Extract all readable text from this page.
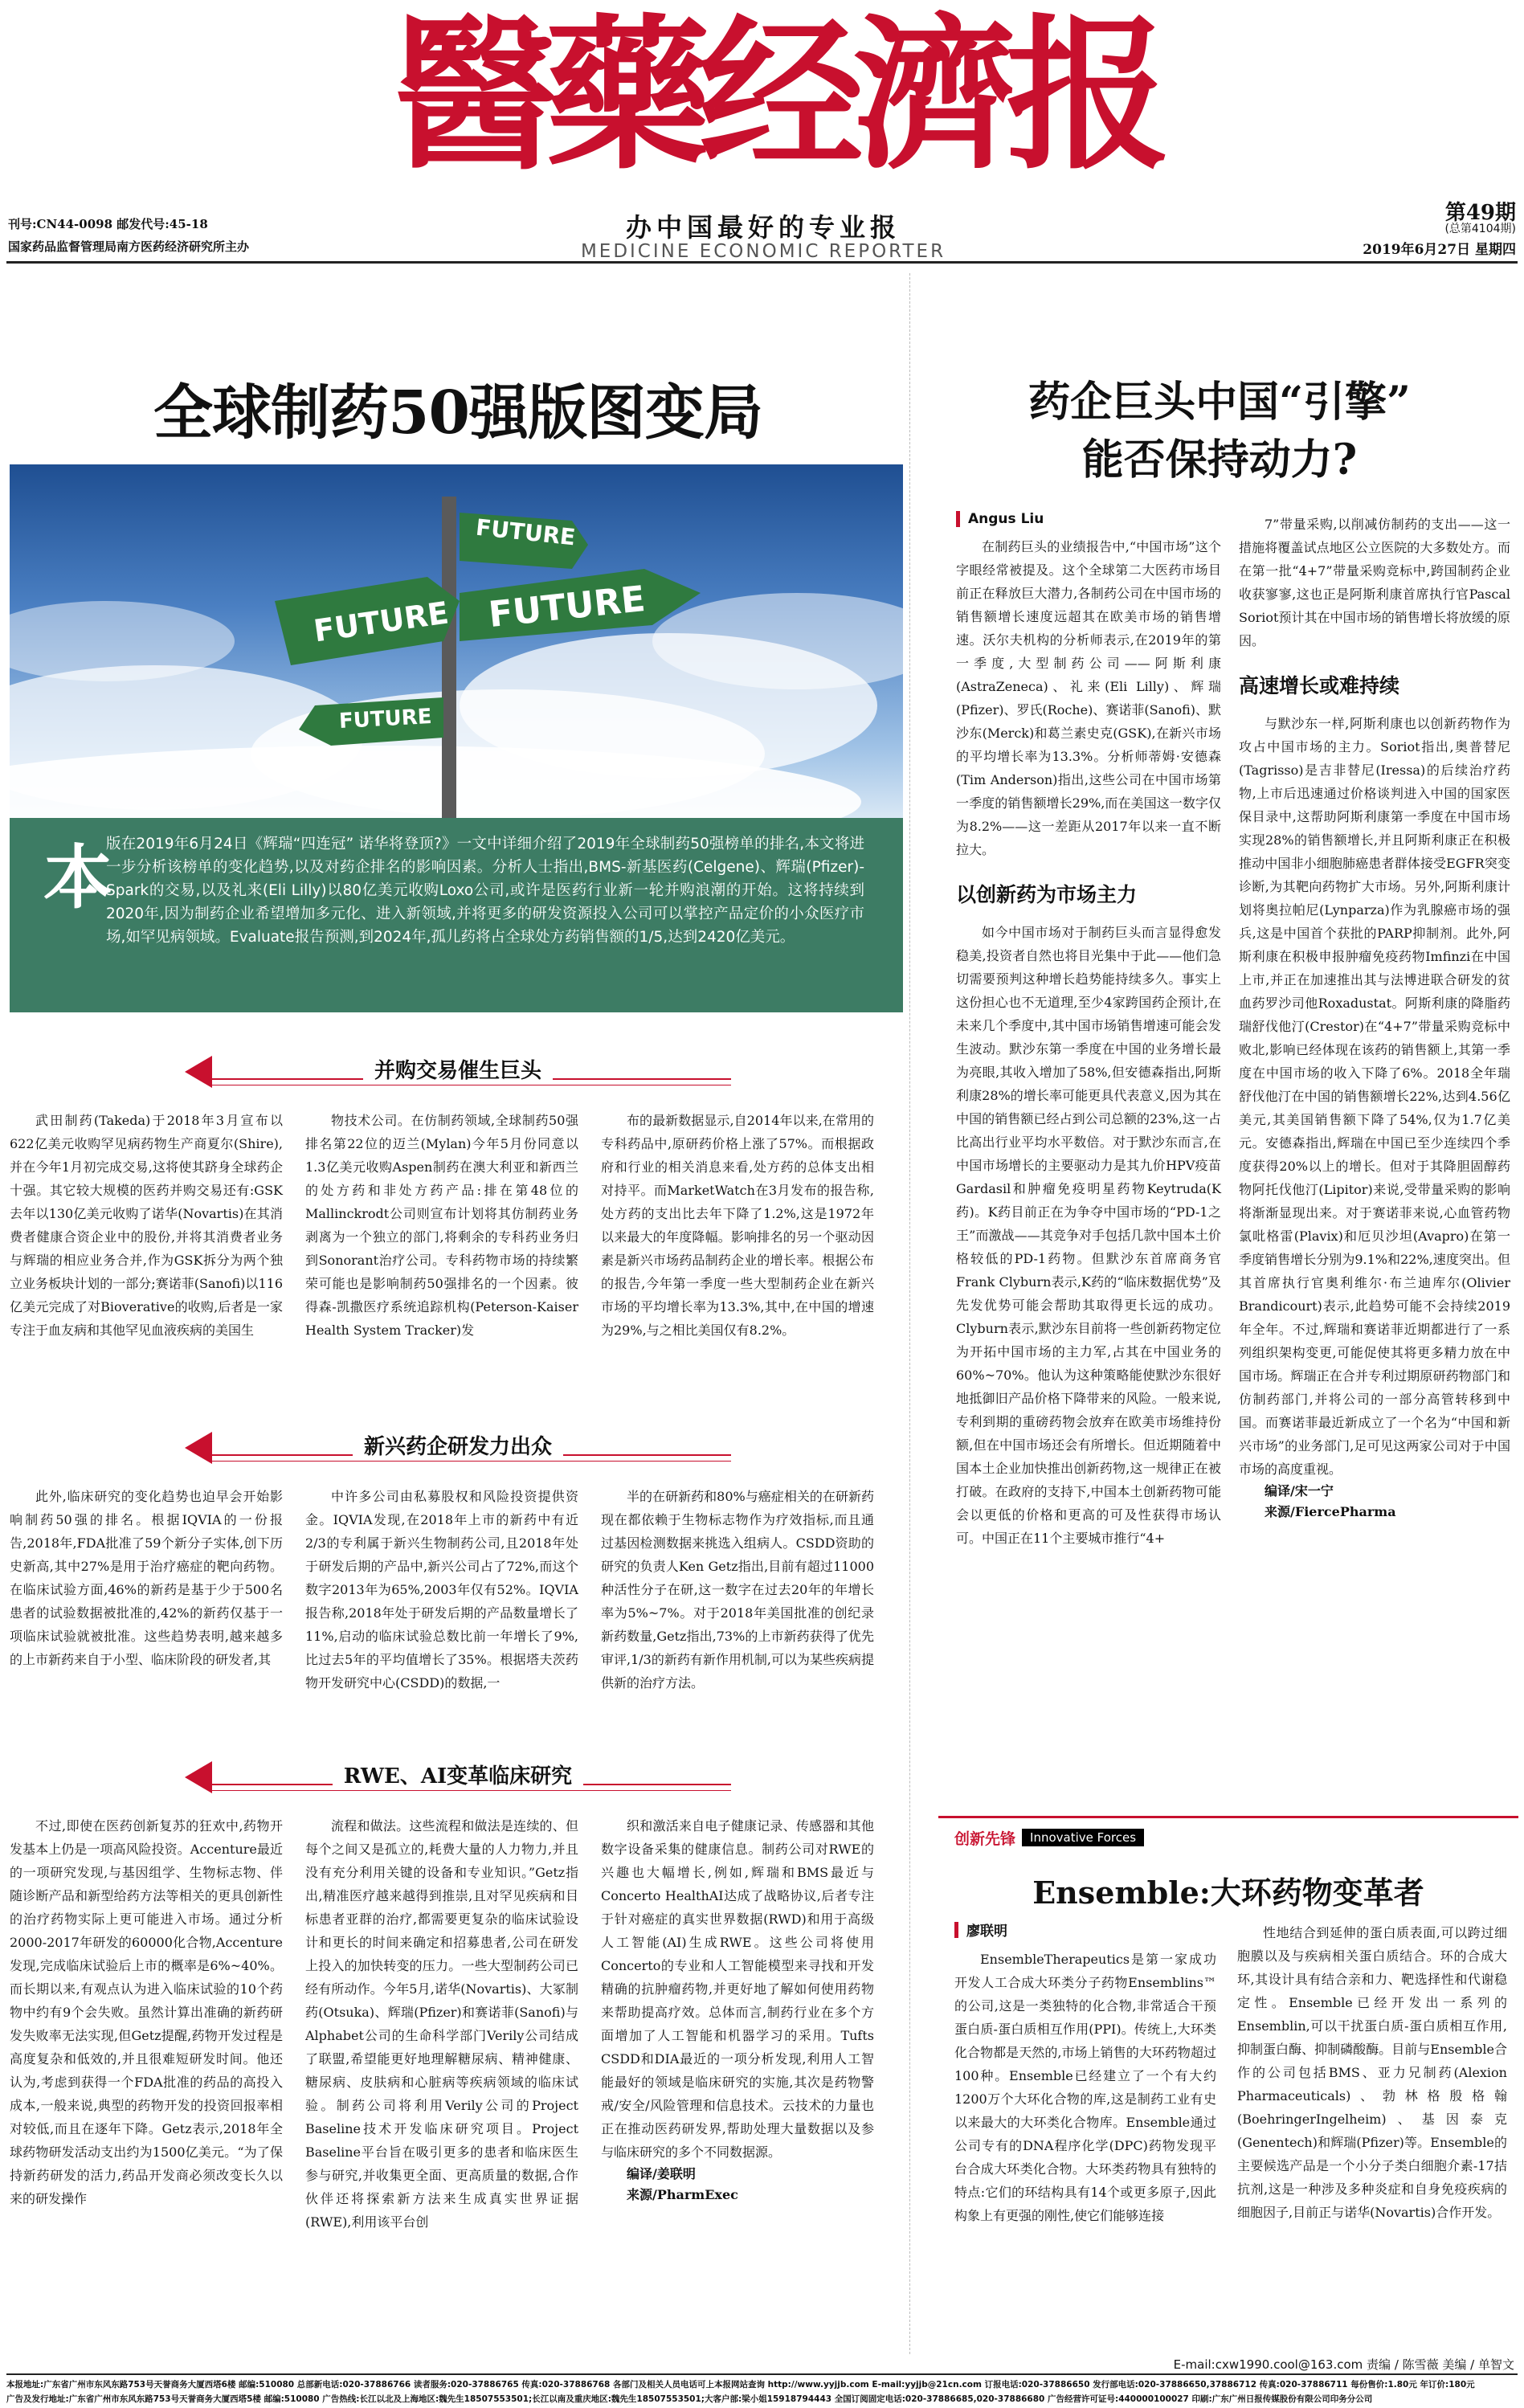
醫藥经濟报
办中国最好的专业报
MEDICINE ECONOMIC REPORTER
刊号:CN44-0098 邮发代号:45-18
国家药品监督管理局南方医药经济研究所主办
第49期
(总第4104期)
2019年6月27日 星期四
全球制药50强版图变局
FUTURE
FUTURE
FUTURE
FUTURE
本
版在2019年6月24日《辉瑞“四连冠” 诺华将登顶?》一文中详细介绍了2019年全球制药50强榜单的排名,本文将进一步分析该榜单的变化趋势,以及对药企排名的影响因素。分析人士指出,BMS-新基医药(Celgene)、辉瑞(Pfizer)-Spark的交易,以及礼来(Eli Lilly)以80亿美元收购Loxo公司,或许是医药行业新一轮并购浪潮的开始。这将持续到2020年,因为制药企业希望增加多元化、进入新领域,并将更多的研发资源投入公司可以掌控产品定价的小众医疗市场,如罕见病领域。Evaluate报告预测,到2024年,孤儿药将占全球处方药销售额的1/5,达到2420亿美元。
并购交易催生巨头
武田制药(Takeda)于2018年3月宣布以622亿美元收购罕见病药物生产商夏尔(Shire),并在今年1月初完成交易,这将使其跻身全球药企十强。其它较大规模的医药并购交易还有:GSK去年以130亿美元收购了诺华(Novartis)在其消费者健康合资企业中的股份,并将其消费者业务与辉瑞的相应业务合并,作为GSK拆分为两个独立业务板块计划的一部分;赛诺菲(Sanofi)以116亿美元完成了对Bioverative的收购,后者是一家专注于血友病和其他罕见血液疾病的美国生
物技术公司。在仿制药领域,全球制药50强排名第22位的迈兰(Mylan)今年5月份同意以1.3亿美元收购Aspen制药在澳大利亚和新西兰的处方药和非处方药产品:排在第48位的Mallinckrodt公司则宣布计划将其仿制药业务剥离为一个独立的部门,将剩余的专科药业务归到Sonorant治疗公司。专科药物市场的持续繁荣可能也是影响制药50强排名的一个因素。彼得森-凯撒医疗系统追踪机构(Peterson-Kaiser Health System Tracker)发
布的最新数据显示,自2014年以来,在常用的专科药品中,原研药价格上涨了57%。而根据政府和行业的相关消息来看,处方药的总体支出相对持平。而MarketWatch在3月发布的报告称,处方药的支出比去年下降了1.2%,这是1972年以来最大的年度降幅。影响排名的另一个驱动因素是新兴市场药品制药企业的增长率。根据公布的报告,今年第一季度一些大型制药企业在新兴市场的平均增长率为13.3%,其中,在中国的增速为29%,与之相比美国仅有8.2%。
新兴药企研发力出众
此外,临床研究的变化趋势也迫早会开始影响制药50强的排名。根据IQVIA的一份报告,2018年,FDA批准了59个新分子实体,创下历史新高,其中27%是用于治疗癌症的靶向药物。在临床试验方面,46%的新药是基于少于500名患者的试验数据被批准的,42%的新药仅基于一项临床试验就被批准。这些趋势表明,越来越多的上市新药来自于小型、临床阶段的研发者,其
中许多公司由私募股权和风险投资提供资金。IQVIA发现,在2018年上市的新药中有近2/3的专利属于新兴生物制药公司,且2018年处于研发后期的产品中,新兴公司占了72%,而这个数字2013年为65%,2003年仅有52%。IQVIA报告称,2018年处于研发后期的产品数量增长了11%,启动的临床试验总数比前一年增长了9%,比过去5年的平均值增长了35%。根据塔夫茨药物开发研究中心(CSDD)的数据,一
半的在研新药和80%与癌症相关的在研新药现在都依赖于生物标志物作为疗效指标,而且通过基因检测数据来挑选入组病人。CSDD资助的研究的负责人Ken Getz指出,目前有超过11000种活性分子在研,这一数字在过去20年的年增长率为5%~7%。对于2018年美国批准的创纪录新药数量,Getz指出,73%的上市新药获得了优先审评,1/3的新药有新作用机制,可以为某些疾病提供新的治疗方法。
RWE、AI变革临床研究
不过,即使在医药创新复苏的狂欢中,药物开发基本上仍是一项高风险投资。Accenture最近的一项研究发现,与基因组学、生物标志物、伴随诊断产品和新型给药方法等相关的更具创新性的治疗药物实际上更可能进入市场。通过分析2000-2017年研发的60000化合物,Accenture发现,完成临床试验后上市的概率是6%~40%。而长期以来,有观点认为进入临床试验的10个药物中约有9个会失败。虽然计算出准确的新药研发失败率无法实现,但Getz提醒,药物开发过程是高度复杂和低效的,并且很难短研发时间。他还认为,考虑到获得一个FDA批准的药品的高投入成本,一般来说,典型的药物开发的投资回报率相对较低,而且在逐年下降。Getz表示,2018年全球药物研发活动支出约为1500亿美元。“为了保持新药研发的活力,药品开发商必须改变长久以来的研发操作
流程和做法。这些流程和做法是连续的、但每个之间又是孤立的,耗费大量的人力物力,并且没有充分利用关键的设备和专业知识。”Getz指出,精准医疗越来越得到推崇,且对罕见疾病和目标患者亚群的治疗,都需要更复杂的临床试验设计和更长的时间来确定和招募患者,公司在研发上投入的加快转变的压力。一些大型制药公司已经有所动作。今年5月,诺华(Novartis)、大冢制药(Otsuka)、辉瑞(Pfizer)和赛诺菲(Sanofi)与Alphabet公司的生命科学部门Verily公司结成了联盟,希望能更好地理解糖尿病、精神健康、糖尿病、皮肤病和心脏病等疾病领域的临床试验。制药公司将利用Verily公司的Project Baseline技术开发临床研究项目。Project Baseline平台旨在吸引更多的患者和临床医生参与研究,并收集更全面、更高质量的数据,合作伙伴还将探索新方法来生成真实世界证据(RWE),利用该平台创
织和激活来自电子健康记录、传感器和其他数字设备采集的健康信息。制药公司对RWE的兴趣也大幅增长,例如,辉瑞和BMS最近与Concerto HealthAI达成了战略协议,后者专注于针对癌症的真实世界数据(RWD)和用于高级人工智能(AI)生成RWE。这些公司将使用Concerto的专业和人工智能模型来寻找和开发精确的抗肿瘤药物,并更好地了解如何使用药物来帮助提高疗效。总体而言,制药行业在多个方面增加了人工智能和机器学习的采用。Tufts CSDD和DIA最近的一项分析发现,利用人工智能最好的领域是临床研究的实施,其次是药物警戒/安全/风险管理和信息技术。云技术的力量也正在推动医药研发界,帮助处理大量数据以及参与临床研究的多个不同数据源。
编译/姜联明
来源/PharmExec
药企巨头中国“引擎”
能否保持动力?
Angus Liu
在制药巨头的业绩报告中,“中国市场”这个字眼经常被提及。这个全球第二大医药市场目前正在释放巨大潜力,各制药公司在中国市场的销售额增长速度远超其在欧美市场的销售增速。沃尔夫机构的分析师表示,在2019年的第一季度,大型制药公司——阿斯利康(AstraZeneca)、礼来(Eli Lilly)、辉瑞(Pfizer)、罗氏(Roche)、赛诺菲(Sanofi)、默沙东(Merck)和葛兰素史克(GSK),在新兴市场的平均增长率为13.3%。分析师蒂姆·安德森(Tim Anderson)指出,这些公司在中国市场第一季度的销售额增长29%,而在美国这一数字仅为8.2%——这一差距从2017年以来一直不断拉大。
以创新药为市场主力
如今中国市场对于制药巨头而言显得愈发稳美,投资者自然也将目光集中于此——他们急切需要预判这种增长趋势能持续多久。事实上这份担心也不无道理,至少4家跨国药企预计,在未来几个季度中,其中国市场销售增速可能会发生波动。默沙东第一季度在中国的业务增长最为亮眼,其收入增加了58%,但安德森指出,阿斯利康28%的增长率可能更具代表意义,因为其在中国的销售额已经占到公司总额的23%,这一占比高出行业平均水平数倍。对于默沙东而言,在中国市场增长的主要驱动力是其九价HPV疫苗Gardasil和肿瘤免疫明星药物Keytruda(K药)。K药目前正在为争夺中国市场的“PD-1之王”而激战——其竞争对手包括几款中国本土价格较低的PD-1药物。但默沙东首席商务官Frank Clyburn表示,K药的“临床数据优势”及先发优势可能会帮助其取得更长远的成功。Clyburn表示,默沙东目前将一些创新药物定位为开拓中国市场的主力军,占其在中国业务的60%~70%。他认为这种策略能使默沙东很好地抵御旧产品价格下降带来的风险。一般来说,专利到期的重磅药物会放弃在欧美市场维持份额,但在中国市场还会有所增长。但近期随着中国本土企业加快推出创新药物,这一规律正在被打破。在政府的支持下,中国本土创新药物可能会以更低的价格和更高的可及性获得市场认可。中国正在11个主要城市推行“4+
7”带量采购,以削减仿制药的支出——这一措施将覆盖试点地区公立医院的大多数处方。而在第一批“4+7”带量采购竞标中,跨国制药企业收获寥寥,这也正是阿斯利康首席执行官Pascal Soriot预计其在中国市场的销售增长将放缓的原因。
高速增长或难持续
与默沙东一样,阿斯利康也以创新药物作为攻占中国市场的主力。Soriot指出,奥普替尼(Tagrisso)是吉非替尼(Iressa)的后续治疗药物,上市后迅速通过价格谈判进入中国的国家医保目录中,这帮助阿斯利康第一季度在中国市场实现28%的销售额增长,并且阿斯利康正在积极推动中国非小细胞肺癌患者群体接受EGFR突变诊断,为其靶向药物扩大市场。另外,阿斯利康计划将奥拉帕尼(Lynparza)作为乳腺癌市场的强兵,这是中国首个获批的PARP抑制剂。此外,阿斯利康在积极申报肿瘤免疫药物Imfinzi在中国上市,并正在加速推出其与法博进联合研发的贫血药罗沙司他Roxadustat。阿斯利康的降脂药瑞舒伐他汀(Crestor)在“4+7”带量采购竞标中败北,影响已经体现在该药的销售额上,其第一季度在中国市场的收入下降了6%。2018全年瑞舒伐他汀在中国的销售额增长22%,达到4.56亿美元,其美国销售额下降了54%,仅为1.7亿美元。安德森指出,辉瑞在中国已至少连续四个季度获得20%以上的增长。但对于其降胆固醇药物阿托伐他汀(Lipitor)来说,受带量采购的影响将渐渐显现出来。对于赛诺菲来说,心血管药物氯吡格雷(Plavix)和厄贝沙坦(Avapro)在第一季度销售增长分别为9.1%和22%,速度突出。但其首席执行官奥利维尔·布兰迪库尔(Olivier Brandicourt)表示,此趋势可能不会持续2019年全年。不过,辉瑞和赛诺菲近期都进行了一系列组织架构变更,可能促使其将更多精力放在中国市场。辉瑞正在合并专利过期原研药物部门和仿制药部门,并将公司的一部分高管转移到中国。而赛诺菲最近新成立了一个名为“中国和新兴市场”的业务部门,足可见这两家公司对于中国市场的高度重视。
编译/宋一宁
来源/FiercePharma
创新先锋	Innovative Forces
Ensemble:大环药物变革者
廖联明
EnsembleTherapeutics是第一家成功开发人工合成大环类分子药物Ensemblins™的公司,这是一类独特的化合物,非常适合干预蛋白质-蛋白质相互作用(PPI)。传统上,大环类化合物都是天然的,市场上销售的大环药物超过100种。Ensemble已经建立了一个有大约1200万个大环化合物的库,这是制药工业有史以来最大的大环类化合物库。Ensemble通过公司专有的DNA程序化学(DPC)药物发现平台合成大环类化合物。大环类药物具有独特的特点:它们的环结构具有14个或更多原子,因此构象上有更强的刚性,使它们能够连接
性地结合到延伸的蛋白质表面,可以跨过细胞膜以及与疾病相关蛋白质结合。环的合成大环,其设计具有结合亲和力、靶选择性和代谢稳定性。Ensemble已经开发出一系列的Ensemblin,可以干扰蛋白质-蛋白质相互作用,抑制蛋白酶、抑制磷酸酶。目前与Ensemble合作的公司包括BMS、亚力兄制药(Alexion Pharmaceuticals)、勃林格殷格翰(BoehringerIngelheim)、基因泰克(Genentech)和辉瑞(Pfizer)等。Ensemble的主要候选产品是一个小分子类白细胞介素-17拮抗剂,这是一种涉及多种炎症和自身免疫疾病的细胞因子,目前正与诺华(Novartis)合作开发。
E-mail:cxw1990.cool@163.com 责编 / 陈雪薇 美编 / 单智文
本报地址:广东省广州市东风东路753号天誉商务大厦西塔6楼 邮编:510080 总部新电话:020-37886766 读者服务:020-37886765 传真:020-37886768 各部门及相关人员电话可上本报网站查询 http://www.yyjjb.com E-mail:yyjjb@21cn.com 订报电话:020-37886650 发行部电话:020-37886650,37886712 传真:020-37886711 每份售价:1.80元 年订价:180元
广告及发行地址:广东省广州市东风东路753号天誉商务大厦西塔5楼 邮编:510080 广告热线:长江以北及上海地区:魏先生18507553501;长江以南及重庆地区:魏先生18507553501;大客户部:梁小姐15918794443 全国订阅固定电话:020-37886685,020-37886680 广告经营许可证号:440000100027 印刷:广东广州日报传媒股份有限公司印务分公司
